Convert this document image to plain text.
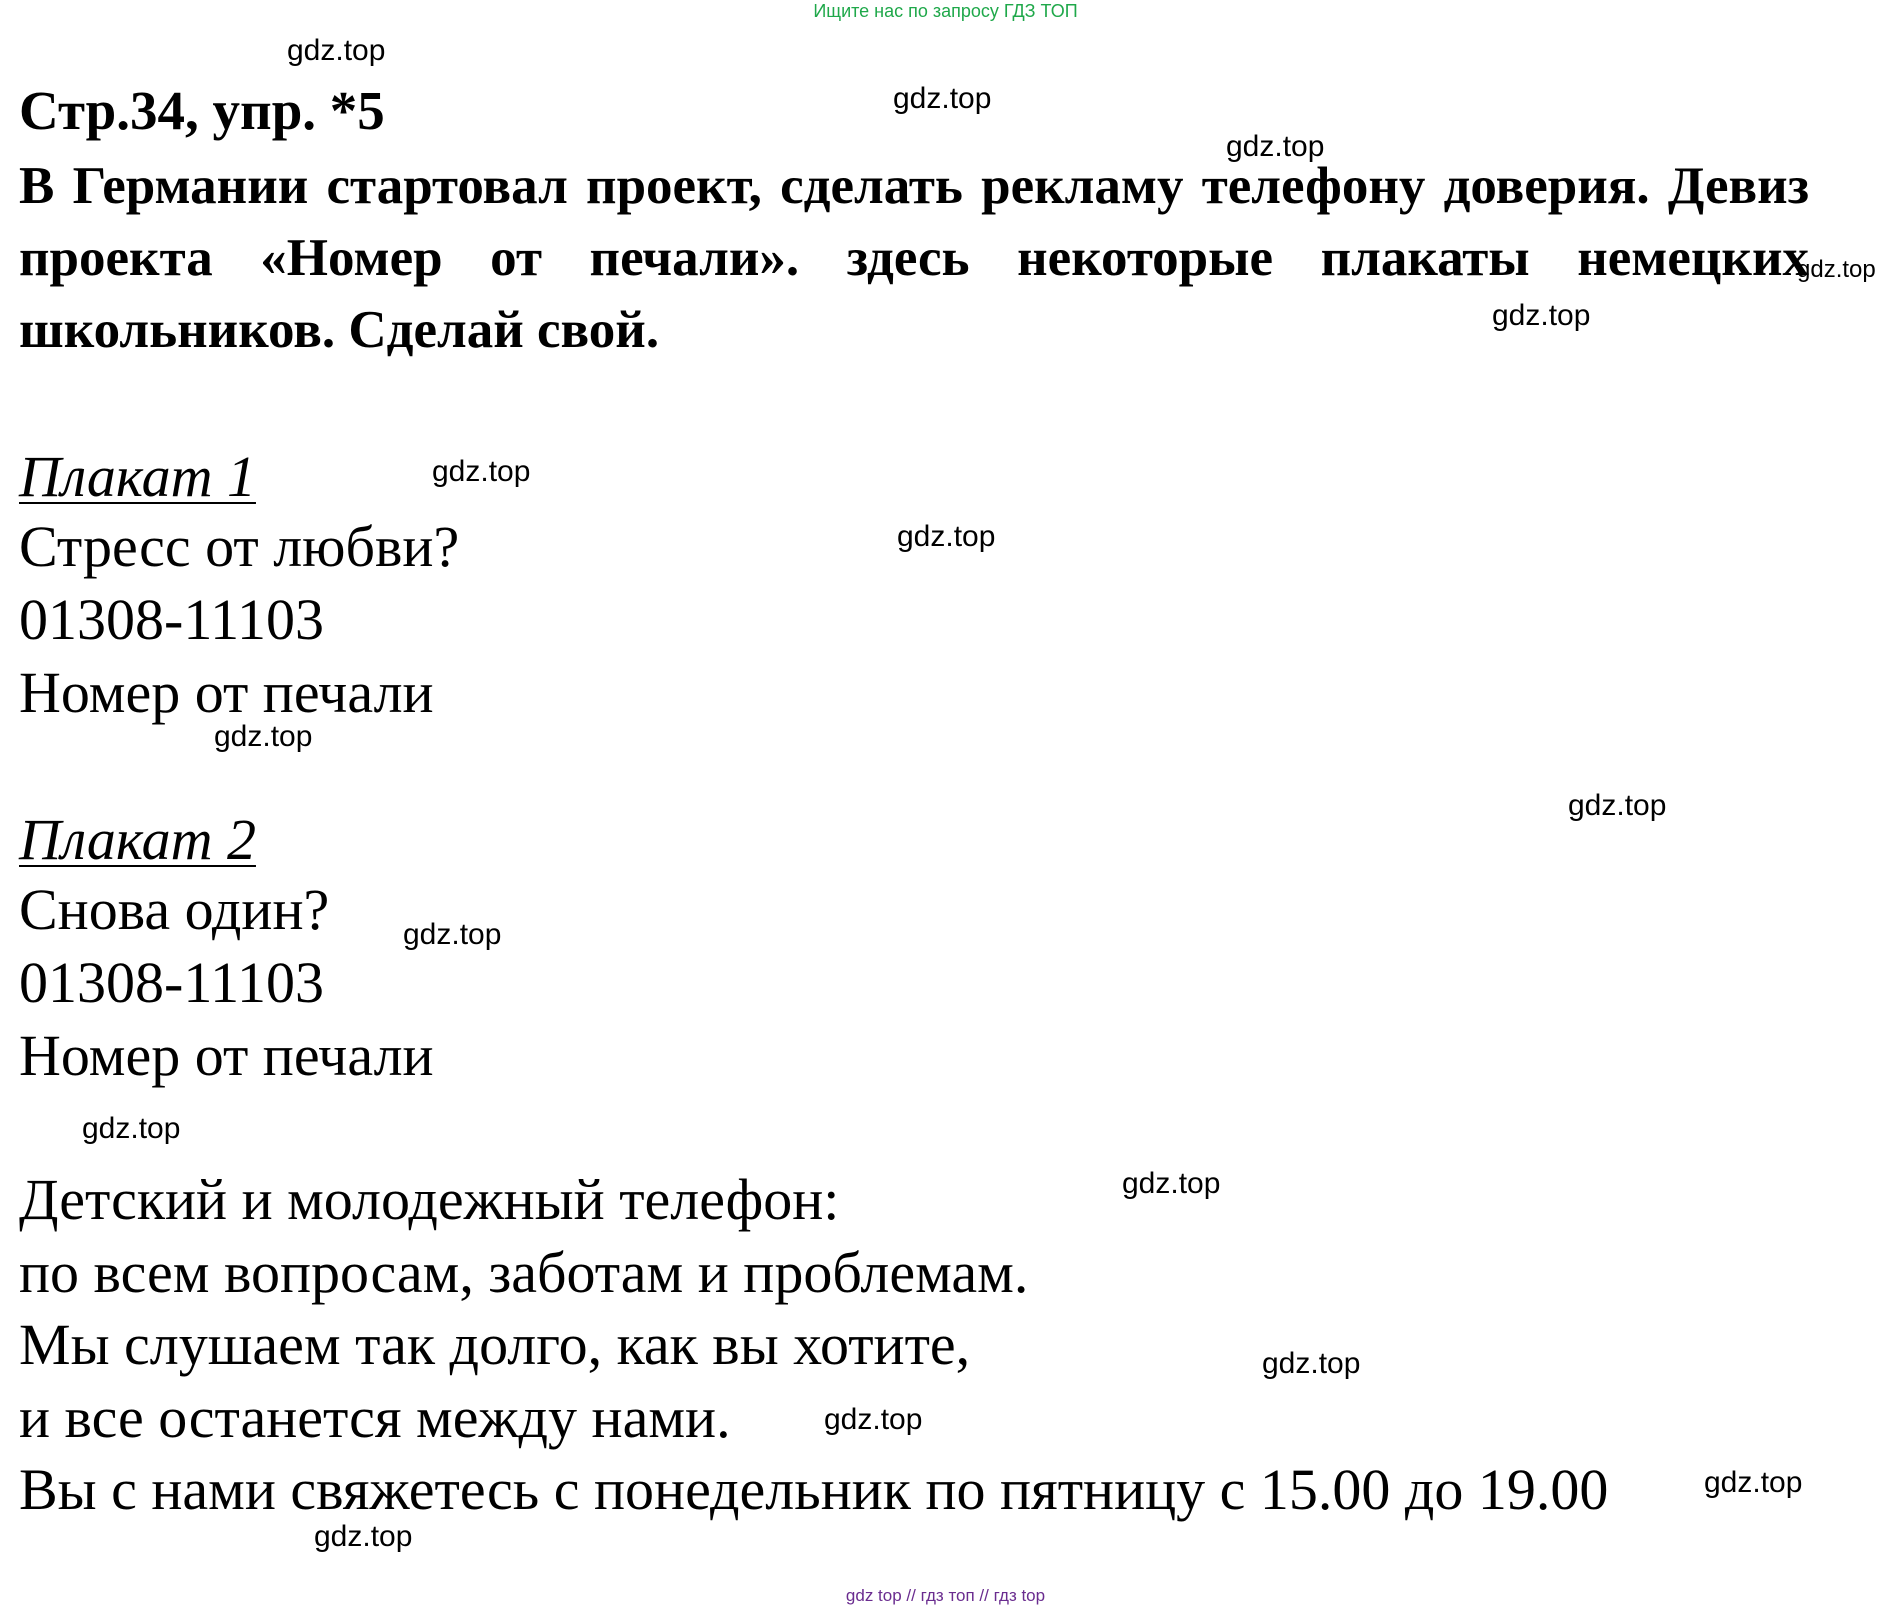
Ищите нас по запросу ГДЗ ТОП
Стр.34, упр. *5
В Германии стартовал проект, сделать рекламу телефону доверия. Девиз проекта «Номер от печали». здесь некоторые плакаты немецких школьников. Сделай свой.
Плакат 1
Стресс от любви?
01308-11103
Номер от печали
Плакат 2
Снова один?
01308-11103
Номер от печали
Детский и молодежный телефон:
по всем вопросам, заботам и проблемам.
Мы слушаем так долго, как вы хотите,
и все останется между нами.
Вы с нами свяжетесь с понедельник по пятницу с 15.00 до 19.00
gdz.top
gdz.top
gdz.top
gdz.top
gdz.top
gdz.top
gdz.top
gdz.top
gdz.top
gdz.top
gdz.top
gdz.top
gdz.top
gdz.top
gdz.top
gdz.top
gdz top // гдз топ // гдз top
